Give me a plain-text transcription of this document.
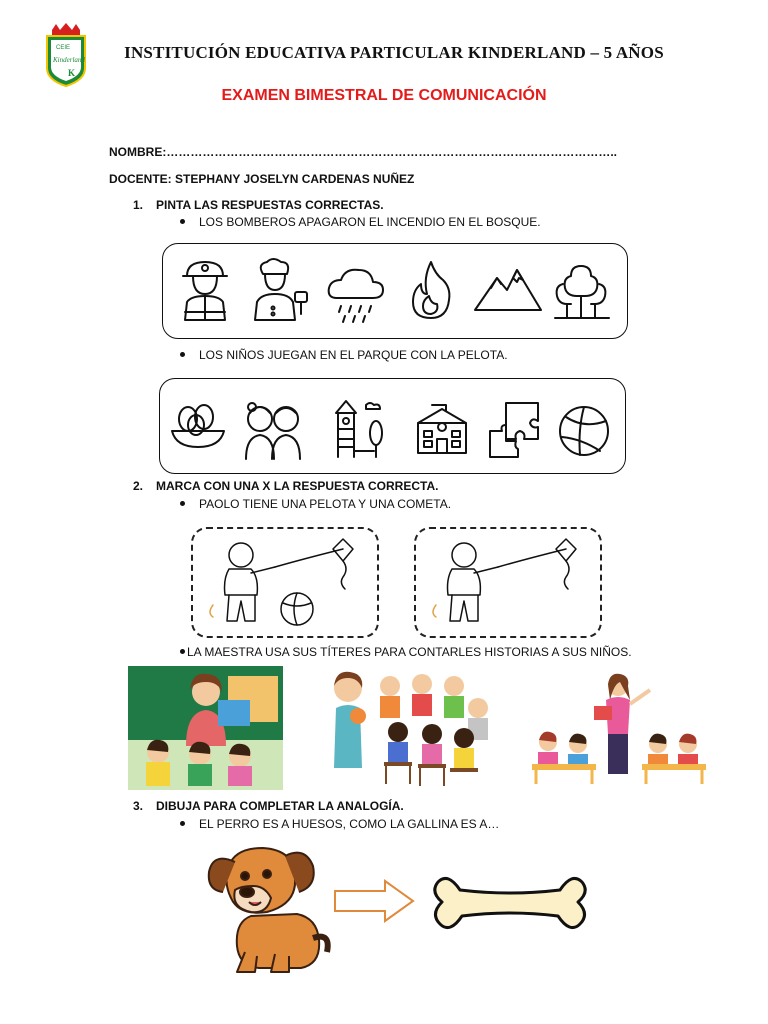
CEIE
Kinderland
K
INSTITUCIÓN EDUCATIVA PARTICULAR KINDERLAND – 5 AÑOS
EXAMEN BIMESTRAL DE COMUNICACIÓN
NOMBRE:…………………………………………………………………………………………………..
DOCENTE: STEPHANY JOSELYN CARDENAS NUÑEZ
1. PINTA LAS RESPUESTAS CORRECTAS.
LOS BOMBEROS APAGARON EL INCENDIO EN EL BOSQUE.
LOS NIÑOS JUEGAN EN EL PARQUE CON LA PELOTA.
2. MARCA CON UNA X LA RESPUESTA CORRECTA.
PAOLO TIENE UNA PELOTA Y UNA COMETA.
LA MAESTRA USA SUS TÍTERES PARA CONTARLES HISTORIAS A SUS NIÑOS.
3. DIBUJA PARA COMPLETAR LA ANALOGÍA.
EL PERRO ES A HUESOS, COMO LA GALLINA ES A…
